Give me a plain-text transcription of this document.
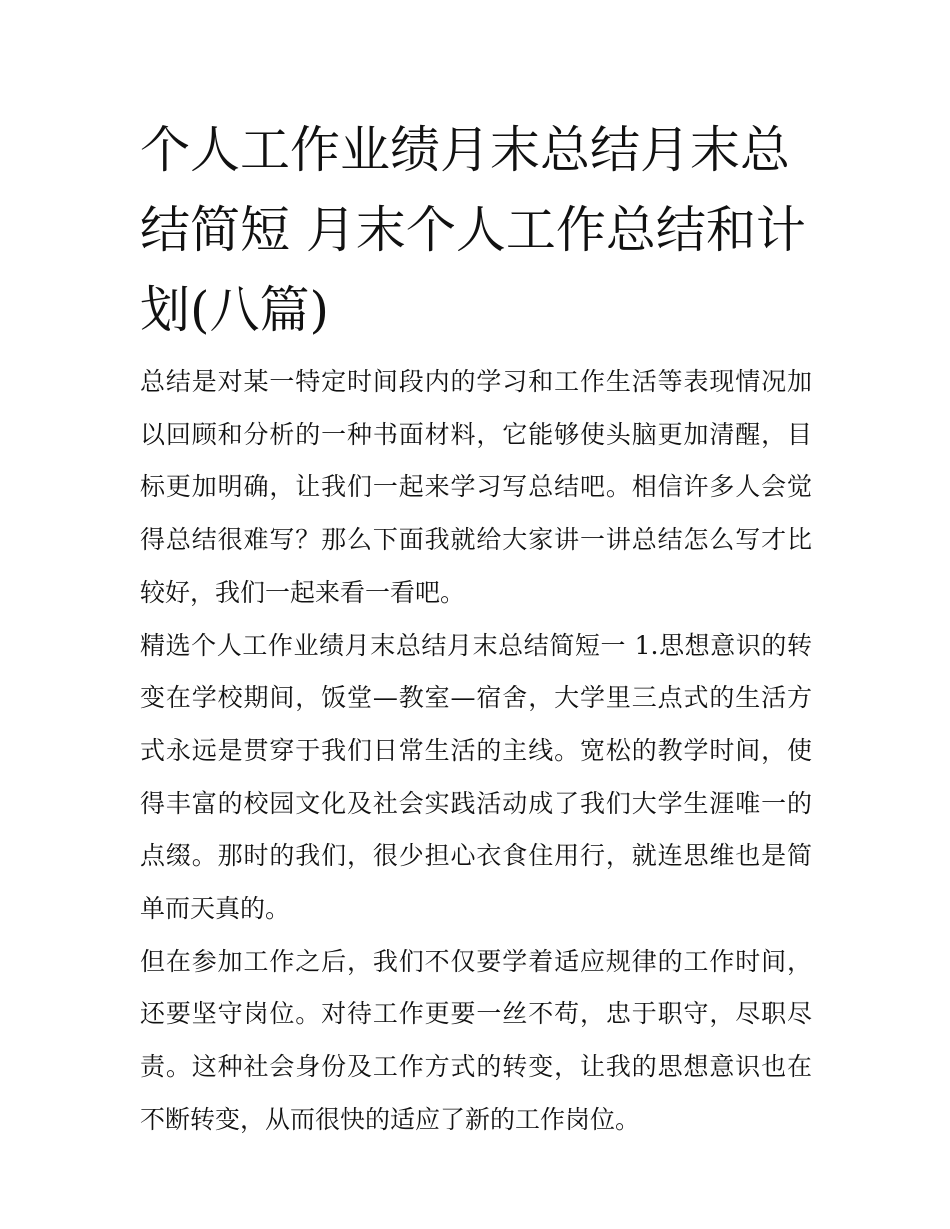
个人工作业绩月末总结月末总结简短 月末个人工作总结和计划(八篇)

总结是对某一特定时间段内的学习和工作生活等表现情况加以回顾和分析的一种书面材料，它能够使头脑更加清醒，目标更加明确，让我们一起来学习写总结吧。相信许多人会觉得总结很难写？那么下面我就给大家讲一讲总结怎么写才比较好，我们一起来看一看吧。

精选个人工作业绩月末总结月末总结简短一 1.思想意识的转变在学校期间，饭堂—教室—宿舍，大学里三点式的生活方式永远是贯穿于我们日常生活的主线。宽松的教学时间，使得丰富的校园文化及社会实践活动成了我们大学生涯唯一的点缀。那时的我们，很少担心衣食住用行，就连思维也是简单而天真的。

但在参加工作之后，我们不仅要学着适应规律的工作时间，还要坚守岗位。对待工作更要一丝不苟，忠于职守，尽职尽责。这种社会身份及工作方式的转变，让我的思想意识也在不断转变，从而很快的适应了新的工作岗位。
